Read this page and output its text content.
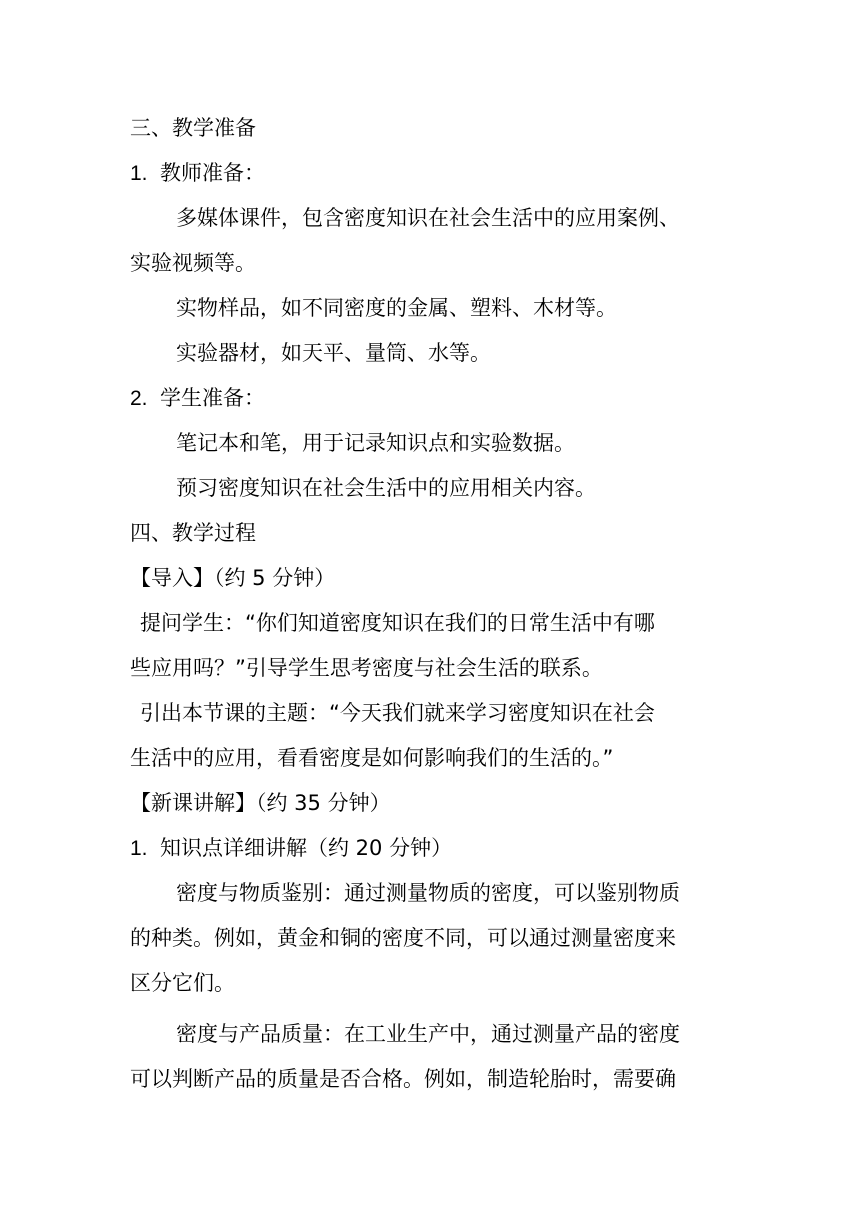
三、教学准备
1. 教师准备：
多媒体课件，包含密度知识在社会生活中的应用案例、
实验视频等。
实物样品，如不同密度的金属、塑料、木材等。
实验器材，如天平、量筒、水等。
2. 学生准备：
笔记本和笔，用于记录知识点和实验数据。
预习密度知识在社会生活中的应用相关内容。
四、教学过程
【导入】（约 5 分钟）
提问学生：“你们知道密度知识在我们的日常生活中有哪
些应用吗？”引导学生思考密度与社会生活的联系。
引出本节课的主题：“今天我们就来学习密度知识在社会
生活中的应用，看看密度是如何影响我们的生活的。”
【新课讲解】（约 35 分钟）
1. 知识点详细讲解（约 20 分钟）
密度与物质鉴别：通过测量物质的密度，可以鉴别物质
的种类。例如，黄金和铜的密度不同，可以通过测量密度来
区分它们。
密度与产品质量：在工业生产中，通过测量产品的密度
可以判断产品的质量是否合格。例如，制造轮胎时，需要确
